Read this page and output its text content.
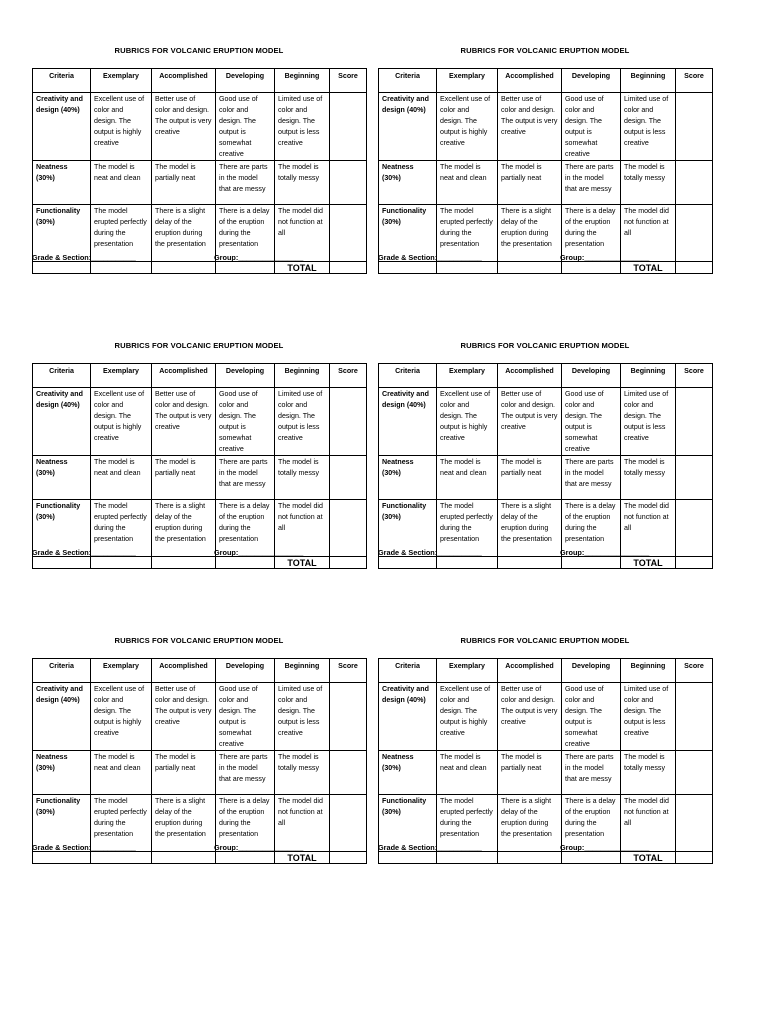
RUBRICS FOR VOLCANIC ERUPTION MODEL
Criteria	Exemplary	Accomplished	Developing	Beginning	Score
Creativity and design (40%)	Excellent use of color and design. The output is highly creative	Better use of color and design. The output is very creative	Good use of color and design. The output is somewhat creative	Limited use of color and design. The output is less creative	
Neatness (30%)	The model is neat and clean	The model is partially neat	There are parts in the model that are messy	The model is totally messy	
Functionality (30%)	The model erupted perfectly during the presentation	There is a slight delay of the eruption during the presentation	There is a delay of the eruption during the presentation	The model did not function at all	
				TOTAL	
Grade & Section:___________	Group:________________
RUBRICS FOR VOLCANIC ERUPTION MODEL
Criteria	Exemplary	Accomplished	Developing	Beginning	Score
Creativity and design (40%)	Excellent use of color and design. The output is highly creative	Better use of color and design. The output is very creative	Good use of color and design. The output is somewhat creative	Limited use of color and design. The output is less creative	
Neatness (30%)	The model is neat and clean	The model is partially neat	There are parts in the model that are messy	The model is totally messy	
Functionality (30%)	The model erupted perfectly during the presentation	There is a slight delay of the eruption during the presentation	There is a delay of the eruption during the presentation	The model did not function at all	
				TOTAL	
Grade & Section:___________	Group:________________
RUBRICS FOR VOLCANIC ERUPTION MODEL
Criteria	Exemplary	Accomplished	Developing	Beginning	Score
Creativity and design (40%)	Excellent use of color and design. The output is highly creative	Better use of color and design. The output is very creative	Good use of color and design. The output is somewhat creative	Limited use of color and design. The output is less creative	
Neatness (30%)	The model is neat and clean	The model is partially neat	There are parts in the model that are messy	The model is totally messy	
Functionality (30%)	The model erupted perfectly during the presentation	There is a slight delay of the eruption during the presentation	There is a delay of the eruption during the presentation	The model did not function at all	
				TOTAL	
Grade & Section:___________	Group:________________
RUBRICS FOR VOLCANIC ERUPTION MODEL
Criteria	Exemplary	Accomplished	Developing	Beginning	Score
Creativity and design (40%)	Excellent use of color and design. The output is highly creative	Better use of color and design. The output is very creative	Good use of color and design. The output is somewhat creative	Limited use of color and design. The output is less creative	
Neatness (30%)	The model is neat and clean	The model is partially neat	There are parts in the model that are messy	The model is totally messy	
Functionality (30%)	The model erupted perfectly during the presentation	There is a slight delay of the eruption during the presentation	There is a delay of the eruption during the presentation	The model did not function at all	
				TOTAL	
Grade & Section:___________	Group:________________
RUBRICS FOR VOLCANIC ERUPTION MODEL
Criteria	Exemplary	Accomplished	Developing	Beginning	Score
Creativity and design (40%)	Excellent use of color and design. The output is highly creative	Better use of color and design. The output is very creative	Good use of color and design. The output is somewhat creative	Limited use of color and design. The output is less creative	
Neatness (30%)	The model is neat and clean	The model is partially neat	There are parts in the model that are messy	The model is totally messy	
Functionality (30%)	The model erupted perfectly during the presentation	There is a slight delay of the eruption during the presentation	There is a delay of the eruption during the presentation	The model did not function at all	
				TOTAL	
Grade & Section:___________	Group:________________
RUBRICS FOR VOLCANIC ERUPTION MODEL
Criteria	Exemplary	Accomplished	Developing	Beginning	Score
Creativity and design (40%)	Excellent use of color and design. The output is highly creative	Better use of color and design. The output is very creative	Good use of color and design. The output is somewhat creative	Limited use of color and design. The output is less creative	
Neatness (30%)	The model is neat and clean	The model is partially neat	There are parts in the model that are messy	The model is totally messy	
Functionality (30%)	The model erupted perfectly during the presentation	There is a slight delay of the eruption during the presentation	There is a delay of the eruption during the presentation	The model did not function at all	
				TOTAL	
Grade & Section:___________	Group:________________
